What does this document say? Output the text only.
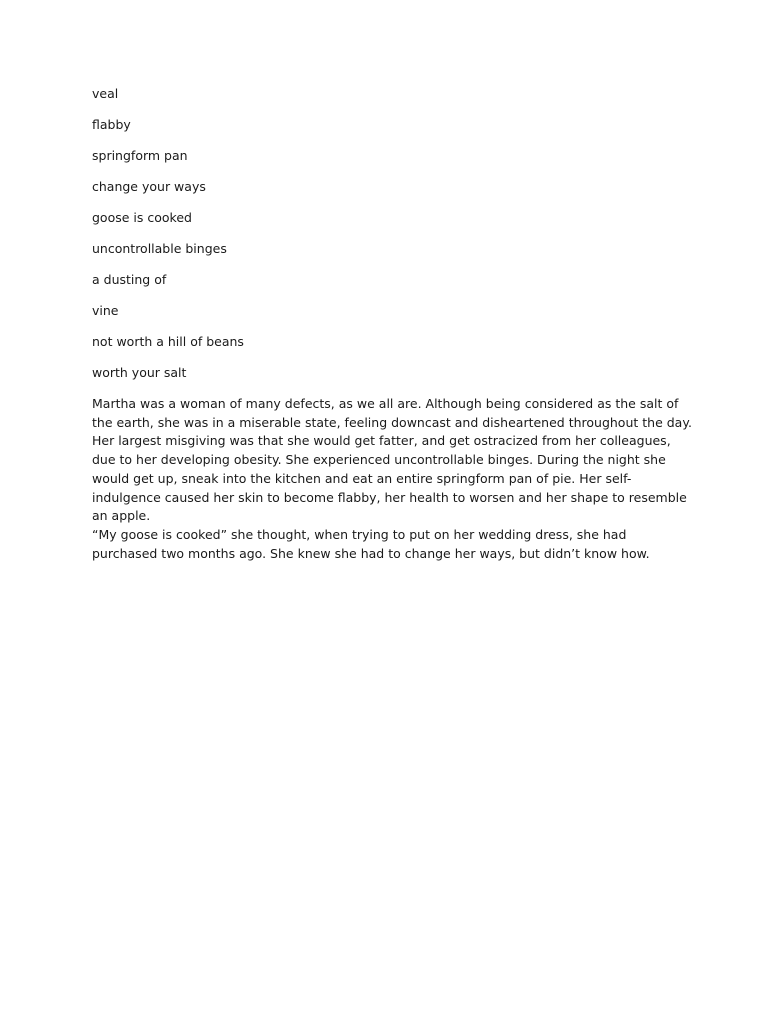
veal
flabby
springform pan
change your ways
goose is cooked
uncontrollable binges
a dusting of
vine
not worth a hill of beans
worth your salt

Martha was a woman of many defects, as we all are. Although being considered as the salt of the earth, she was in a miserable state, feeling downcast and disheartened throughout the day. Her largest misgiving was that she would get fatter, and get ostracized from her colleagues, due to her developing obesity. She experienced uncontrollable binges. During the night she would get up, sneak into the kitchen and eat an entire springform pan of pie. Her self-indulgence caused her skin to become flabby, her health to worsen and her shape to resemble an apple.

“My goose is cooked” she thought, when trying to put on her wedding dress, she had purchased two months ago. She knew she had to change her ways, but didn’t know how.
